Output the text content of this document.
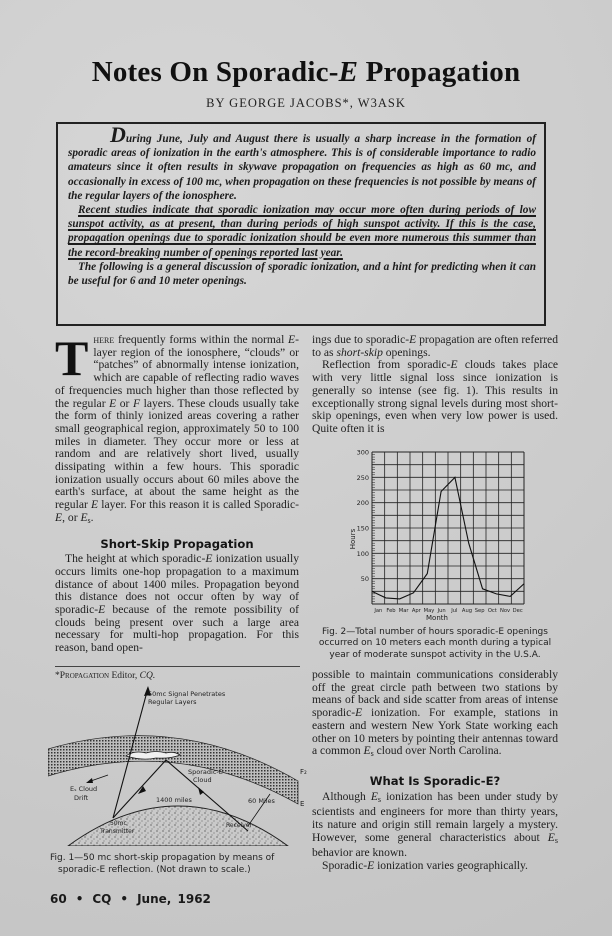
Notes On Sporadic-E Propagation
BY GEORGE JACOBS*, W3ASK

During June, July and August there is usually a sharp increase in the formation of sporadic areas of ionization in the earth's atmosphere. This is of considerable importance to radio amateurs since it often results in skywave propagation on frequencies as high as 60 mc, and occasionally in excess of 100 mc, when propagation on these frequencies is not possible by means of the regular layers of the ionosphere.

Recent studies indicate that sporadic ionization may occur more often during periods of low sunspot activity, as at present, than during periods of high sunspot activity. If this is the case, propagation openings due to sporadic ionization should be even more numerous this summer than the record-breaking number of openings reported last year.

The following is a general discussion of sporadic ionization, and a hint for predicting when it can be useful for 6 and 10 meter openings.

There frequently forms within the normal E-layer region of the ionosphere, “clouds” or “patches” of abnormally intense ionization, which are capable of reflecting radio waves of frequencies much higher than those reflected by the regular E or F layers. These clouds usually take the form of thinly ionized areas covering a rather small geographical region, approximately 50 to 100 miles in diameter. They occur more or less at random and are relatively short lived, usually dissipating within a few hours. This sporadic ionization usually occurs about 60 miles above the earth's surface, at about the same height as the regular E layer. For this reason it is called Sporadic-E, or $E_s$.

Short-Skip Propagation

The height at which sporadic-E ionization usually occurs limits one-hop propagation to a maximum distance of about 1400 miles. Propagation beyond this distance does not occur often by way of sporadic-E because of the remote possibility of clouds being present over such a large area necessary for multi-hop propagation. For this reason, band open-

*Propagation Editor, CQ.
50mc Signal Penetrates
Regular Layers
F₂
E
Sporadic-E
Cloud
Eₛ Cloud
Drift	1400 miles	60 Miles
50mc
Transmitter
Receiver
Fig. 1—50 mc short-skip propagation by means of
sporadic-E reflection. (Not drawn to scale.)

ings due to sporadic-E propagation are often referred to as short-skip openings.

Reflection from sporadic-E clouds takes place with very little signal loss since ionization is generally so intense (see fig. 1). This results in exceptionally strong signal levels during most short-skip openings, even when very low power is used. Quite often it is

50
100
150
200
250
300
Jan Feb Mar Apr May Jun Jul Aug Sep Oct Nov Dec
Hours
Month
Fig. 2—Total number of hours sporadic-E openings
occurred on 10 meters each month during a typical
year of moderate sunspot activity in the U.S.A.

possible to maintain communications considerably off the great circle path between two stations by means of back and side scatter from areas of intense sporadic-E ionization. For example, stations in eastern and western New York State working each other on 10 meters by pointing their antennas toward a common $E_s$ cloud over North Carolina.

What Is Sporadic-E?

Although $E_s$ ionization has been under study by scientists and engineers for more than thirty years, its nature and origin still remain largely a mystery. However, some general characteristics about $E_s$ behavior are known.

Sporadic-E ionization varies geographically.

60 • CQ • June, 1962
